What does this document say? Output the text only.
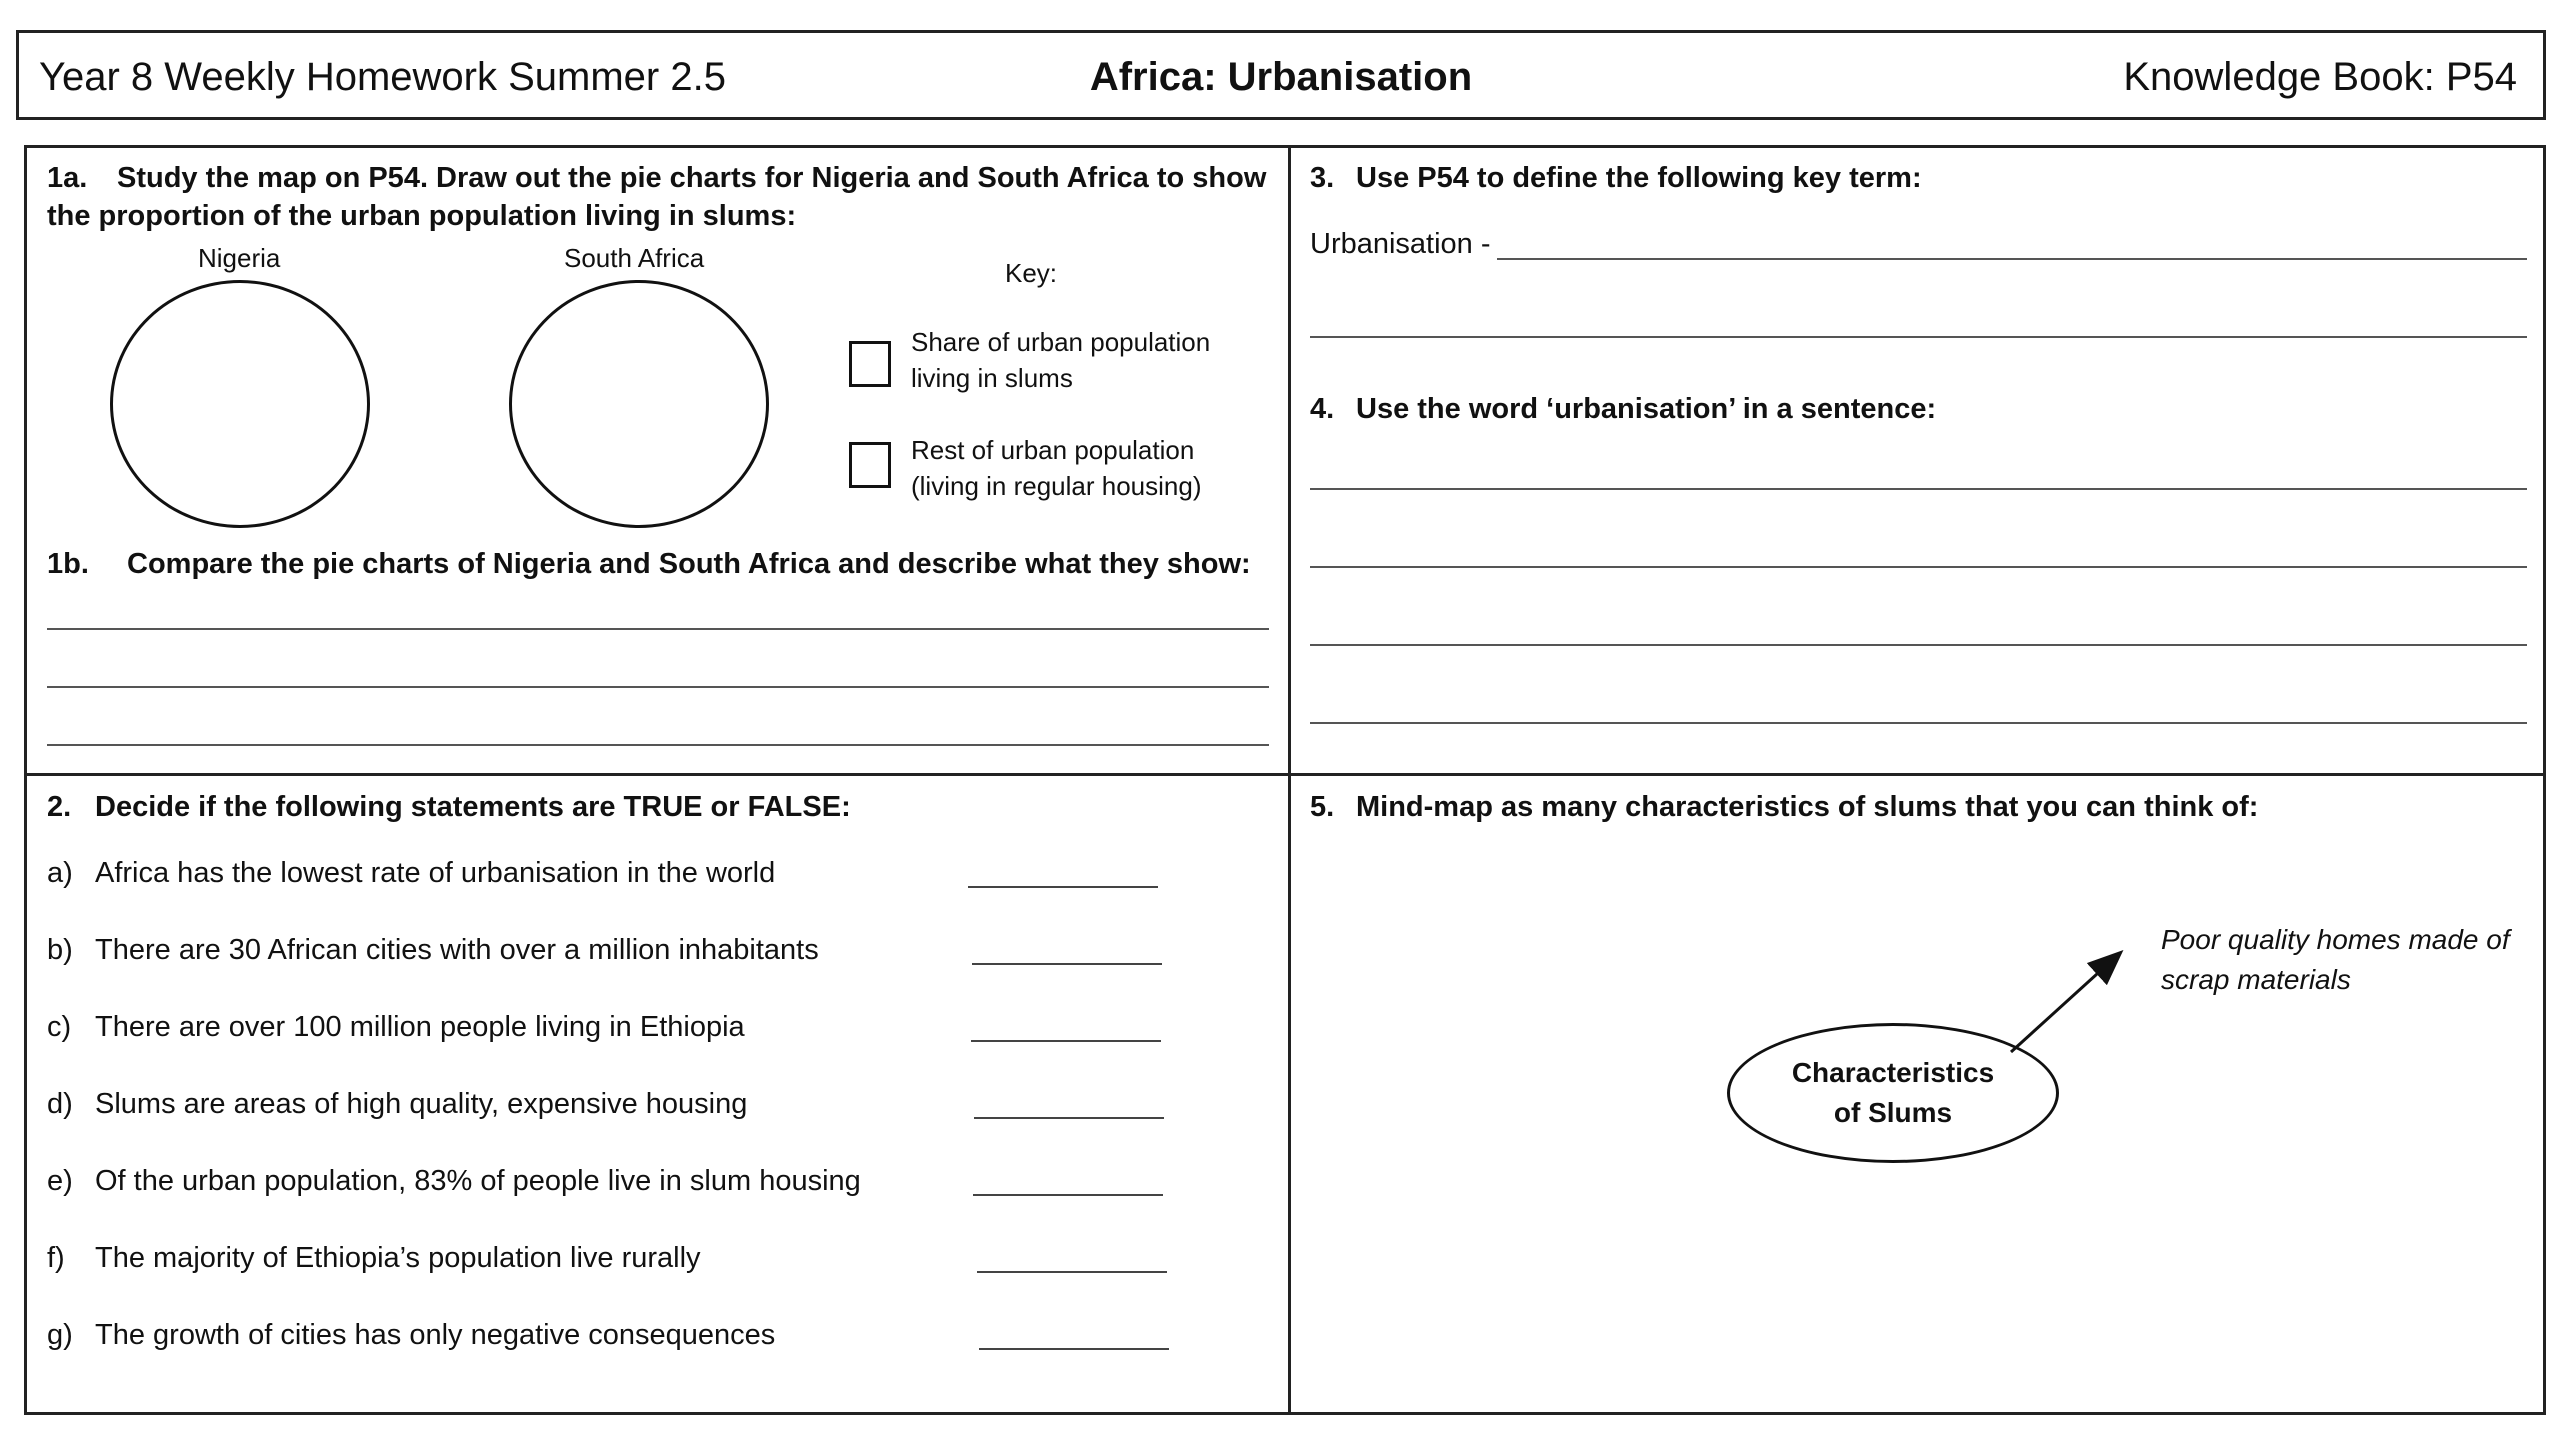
Year 8 Weekly Homework Summer 2.5	Africa: Urbanisation	Knowledge Book: P54
1a. Study the map on P54. Draw out the pie charts for Nigeria and South Africa to show
the proportion of the urban population living in slums:
Nigeria	South Africa	Key:
Share of urban population
living in slums
Rest of urban population
(living in regular housing)
1b. Compare the pie charts of Nigeria and South Africa and describe what they show:
3. Use P54 to define the following key term:
Urbanisation -
4. Use the word ‘urbanisation’ in a sentence:
2. Decide if the following statements are TRUE or FALSE:
a) Africa has the lowest rate of urbanisation in the world
b) There are 30 African cities with over a million inhabitants
c) There are over 100 million people living in Ethiopia
d) Slums are areas of high quality, expensive housing
e) Of the urban population, 83% of people live in slum housing
f) The majority of Ethiopia’s population live rurally
g) The growth of cities has only negative consequences
5. Mind-map as many characteristics of slums that you can think of:
Characteristics
of Slums
Poor quality homes made of
scrap materials
